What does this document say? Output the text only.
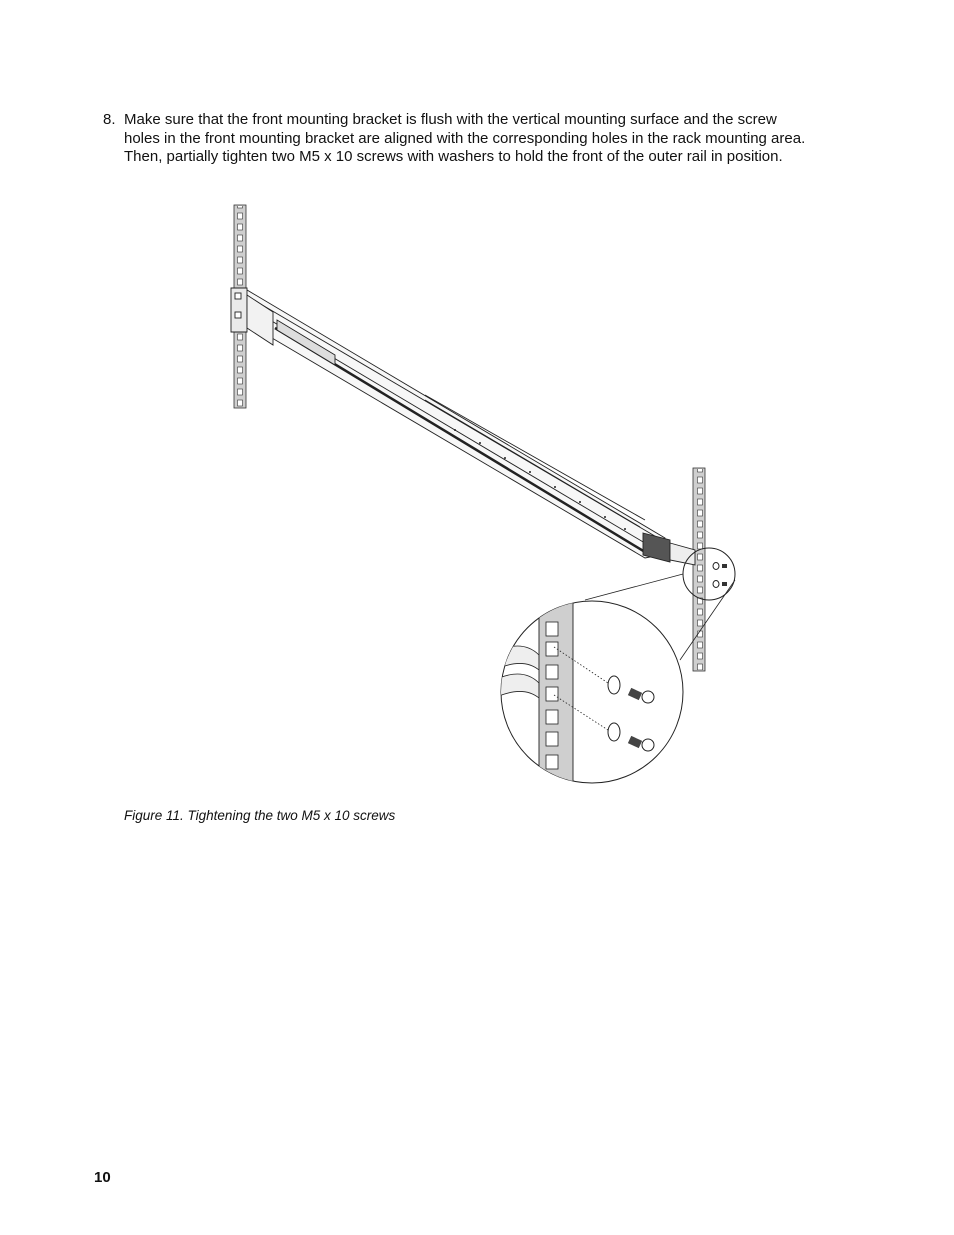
8. Make sure that the front mounting bracket is flush with the vertical mounting surface and the screw
holes in the front mounting bracket are aligned with the corresponding holes in the rack mounting area.
Then, partially tighten two M5 x 10 screws with washers to hold the front of the outer rail in position.
Figure 11. Tightening the two M5 x 10 screws
10
